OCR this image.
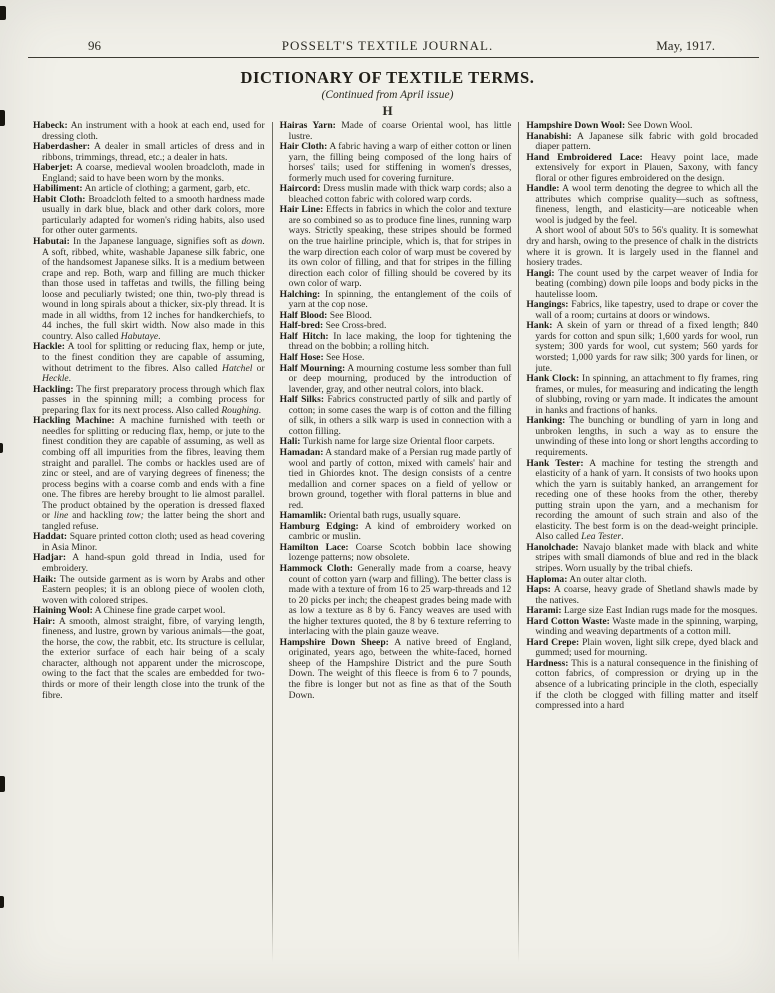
96	POSSELT'S TEXTILE JOURNAL.	May, 1917.
DICTIONARY OF TEXTILE TERMS.
(Continued from April issue)
H
Habeck: An instrument with a hook at each end, used for dressing cloth.
Haberdasher: A dealer in small articles of dress and in ribbons, trimmings, thread, etc.; a dealer in hats.
Haberjet: A coarse, medieval woolen broadcloth, made in England; said to have been worn by the monks.
Habiliment: An article of clothing; a garment, garb, etc.
Habit Cloth: Broadcloth felted to a smooth hardness made usually in dark blue, black and other dark colors, more particularly adapted for women's riding habits, also used for other outer garments.
Habutai: In the Japanese language, signifies soft as down. A soft, ribbed, white, washable Japanese silk fabric, one of the handsomest Japanese silks. It is a medium between crape and rep. Both, warp and filling are much thicker than those used in taffetas and twills, the filling being loose and peculiarly twisted; one thin, two-ply thread is wound in long spirals about a thicker, six-ply thread. It is made in all widths, from 12 inches for handkerchiefs, to 44 inches, the full skirt width. Now also made in this country. Also called Habutaye.
Hackle: A tool for splitting or reducing flax, hemp or jute, to the finest condition they are capable of assuming, without detriment to the fibres. Also called Hatchel or Heckle.
Hackling: The first preparatory process through which flax passes in the spinning mill; a combing process for preparing flax for its next process. Also called Roughing.
Hackling Machine: A machine furnished with teeth or needles for splitting or reducing flax, hemp, or jute to the finest condition they are capable of assuming, as well as combing off all impurities from the fibres, leaving them straight and parallel. The combs or hackles used are of zinc or steel, and are of varying degrees of fineness; the process begins with a coarse comb and ends with a fine one. The fibres are hereby brought to lie almost parallel. The product obtained by the operation is dressed flaxed or line and hackling tow; the latter being the short and tangled refuse.
Haddat: Square printed cotton cloth; used as head covering in Asia Minor.
Hadjar: A hand-spun gold thread in India, used for embroidery.
Haik: The outside garment as is worn by Arabs and other Eastern peoples; it is an oblong piece of woolen cloth, woven with colored stripes.
Haining Wool: A Chinese fine grade carpet wool.
Hair: A smooth, almost straight, fibre, of varying length, fineness, and lustre, grown by various animals—the goat, the horse, the cow, the rabbit, etc. Its structure is cellular, the exterior surface of each hair being of a scaly character, although not apparent under the microscope, owing to the fact that the scales are embedded for two-thirds or more of their length close into the trunk of the fibre.
Hairas Yarn: Made of coarse Oriental wool, has little lustre.
Hair Cloth: A fabric having a warp of either cotton or linen yarn, the filling being composed of the long hairs of horses' tails; used for stiffening in women's dresses, formerly much used for covering furniture.
Haircord: Dress muslin made with thick warp cords; also a bleached cotton fabric with colored warp cords.
Hair Line: Effects in fabrics in which the color and texture are so combined so as to produce fine lines, running warp ways. Strictly speaking, these stripes should be formed on the true hairline principle, which is, that for stripes in the warp direction each color of warp must be covered by its own color of filling, and that for stripes in the filling direction each color of filling should be covered by its own color of warp.
Halching: In spinning, the entanglement of the coils of yarn at the cop nose.
Half Blood: See Blood.
Half-bred: See Cross-bred.
Half Hitch: In lace making, the loop for tightening the thread on the bobbin; a rolling hitch.
Half Hose: See Hose.
Half Mourning: A mourning costume less somber than full or deep mourning, produced by the introduction of lavender, gray, and other neutral colors, into black.
Half Silks: Fabrics constructed partly of silk and partly of cotton; in some cases the warp is of cotton and the filling of silk, in others a silk warp is used in connection with a cotton filling.
Hali: Turkish name for large size Oriental floor carpets.
Hamadan: A standard make of a Persian rug made partly of wool and partly of cotton, mixed with camels' hair and tied in Ghiordes knot. The design consists of a centre medallion and corner spaces on a field of yellow or brown ground, together with floral patterns in blue and red.
Hamamlik: Oriental bath rugs, usually square.
Hamburg Edging: A kind of embroidery worked on cambric or muslin.
Hamilton Lace: Coarse Scotch bobbin lace showing lozenge patterns; now obsolete.
Hammock Cloth: Generally made from a coarse, heavy count of cotton yarn (warp and filling). The better class is made with a texture of from 16 to 25 warp-threads and 12 to 20 picks per inch; the cheapest grades being made with as low a texture as 8 by 6. Fancy weaves are used with the higher textures quoted, the 8 by 6 texture referring to interlacing with the plain gauze weave.
Hampshire Down Sheep: A native breed of England, originated, years ago, between the white-faced, horned sheep of the Hampshire District and the pure South Down. The weight of this fleece is from 6 to 7 pounds, the fibre is longer but not as fine as that of the South Down.
Hampshire Down Wool: See Down Wool.
Hanabishi: A Japanese silk fabric with gold brocaded diaper pattern.
Hand Embroidered Lace: Heavy point lace, made extensively for export in Plauen, Saxony, with fancy floral or other figures embroidered on the design.
Handle: A wool term denoting the degree to which all the attributes which comprise quality—such as softness, fineness, length, and elasticity—are noticeable when wool is judged by the feel.
A short wool of about 50's to 56's quality. It is somewhat dry and harsh, owing to the presence of chalk in the districts where it is grown. It is largely used in the flannel and hosiery trades.
Hangi: The count used by the carpet weaver of India for beating (combing) down pile loops and body picks in the hautelisse loom.
Hangings: Fabrics, like tapestry, used to drape or cover the wall of a room; curtains at doors or windows.
Hank: A skein of yarn or thread of a fixed length; 840 yards for cotton and spun silk; 1,600 yards for wool, run system; 300 yards for wool, cut system; 560 yards for worsted; 1,000 yards for raw silk; 300 yards for linen, or jute.
Hank Clock: In spinning, an attachment to fly frames, ring frames, or mules, for measuring and indicating the length of slubbing, roving or yarn made. It indicates the amount in hanks and fractions of hanks.
Hanking: The bunching or bundling of yarn in long and unbroken lengths, in such a way as to ensure the unwinding of these into long or short lengths according to requirements.
Hank Tester: A machine for testing the strength and elasticity of a hank of yarn. It consists of two hooks upon which the yarn is suitably hanked, an arrangement for receding one of these hooks from the other, thereby putting strain upon the yarn, and a mechanism for recording the amount of such strain and also of the elasticity. The best form is on the dead-weight principle. Also called Lea Tester.
Hanolchade: Navajo blanket made with black and white stripes with small diamonds of blue and red in the black stripes. Worn usually by the tribal chiefs.
Haploma: An outer altar cloth.
Haps: A coarse, heavy grade of Shetland shawls made by the natives.
Harami: Large size East Indian rugs made for the mosques.
Hard Cotton Waste: Waste made in the spinning, warping, winding and weaving departments of a cotton mill.
Hard Crepe: Plain woven, light silk crepe, dyed black and gummed; used for mourning.
Hardness: This is a natural consequence in the finishing of cotton fabrics, of compression or drying up in the absence of a lubricating principle in the cloth, especially if the cloth be clogged with filling matter and itself compressed into a hard
